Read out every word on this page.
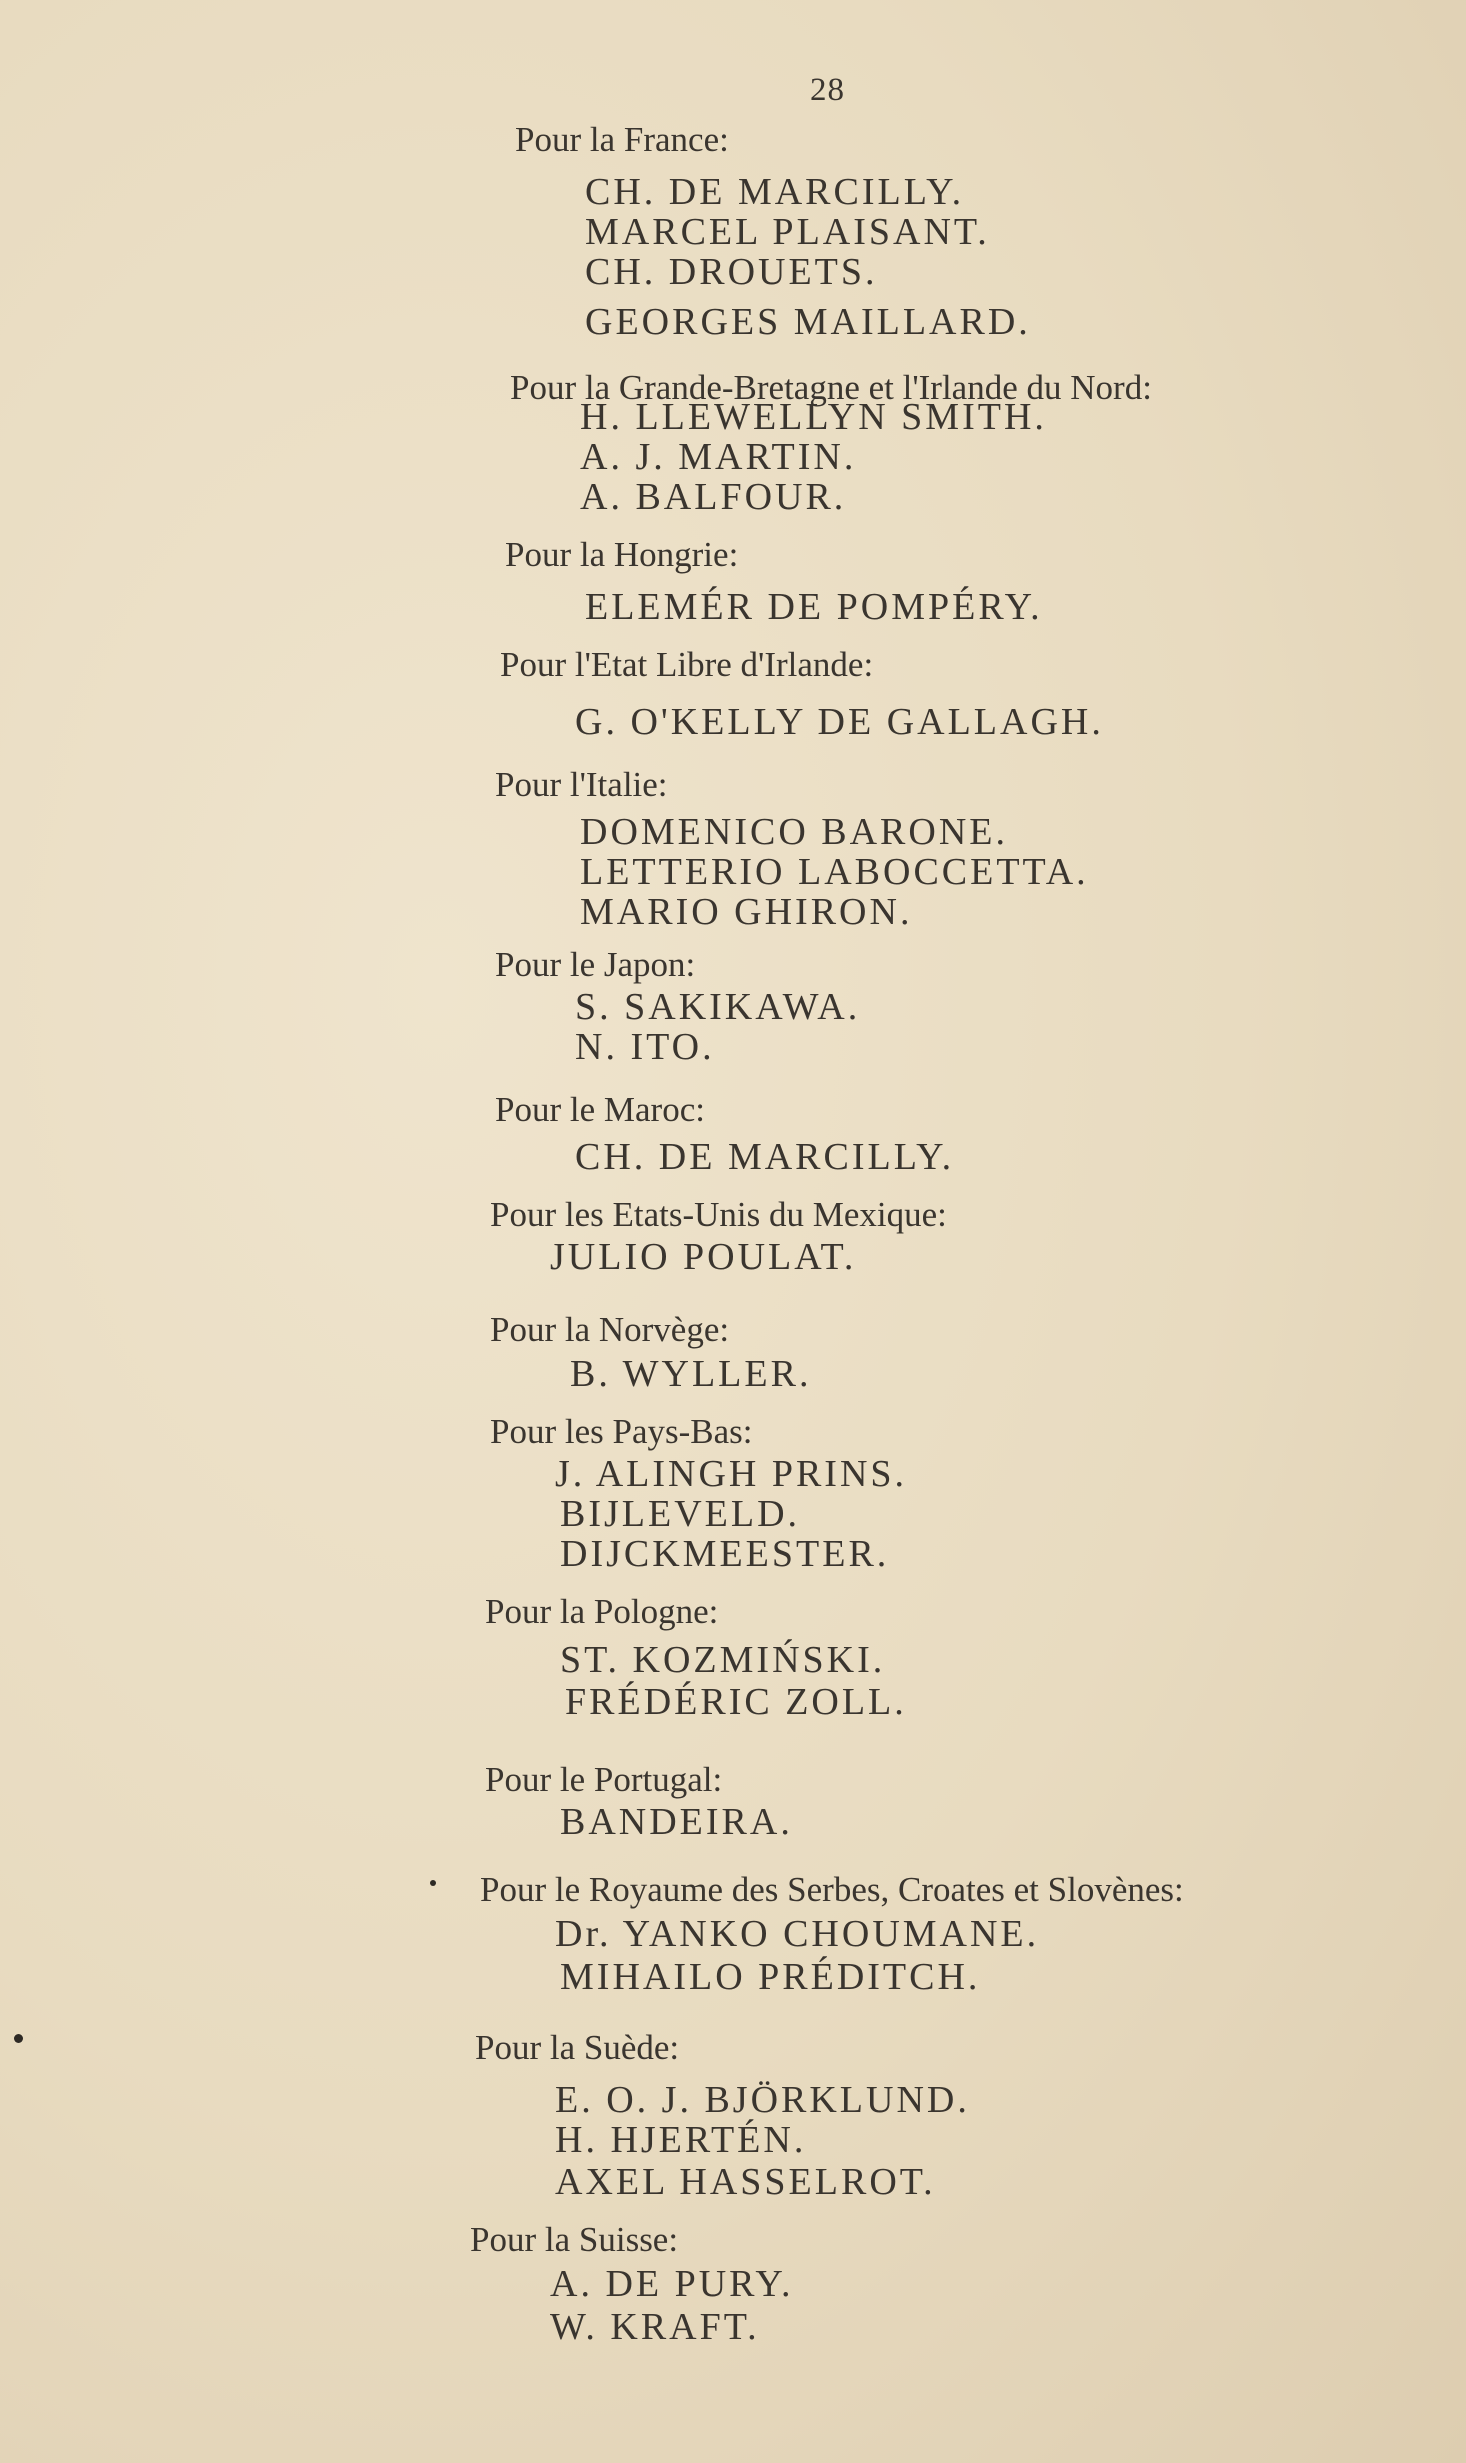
28
Pour la France:
CH. DE MARCILLY.
MARCEL PLAISANT.
CH. DROUETS.
GEORGES MAILLARD.
Pour la Grande-Bretagne et l'Irlande du Nord:
H. LLEWELLYN SMITH.
A. J. MARTIN.
A. BALFOUR.
Pour la Hongrie:
ELEMÉR DE POMPÉRY.
Pour l'Etat Libre d'Irlande:
G. O'KELLY DE GALLAGH.
Pour l'Italie:
DOMENICO BARONE.
LETTERIO LABOCCETTA.
MARIO GHIRON.
Pour le Japon:
S. SAKIKAWA.
N. ITO.
Pour le Maroc:
CH. DE MARCILLY.
Pour les Etats-Unis du Mexique:
JULIO POULAT.
Pour la Norvège:
B. WYLLER.
Pour les Pays-Bas:
J. ALINGH PRINS.
BIJLEVELD.
DIJCKMEESTER.
Pour la Pologne:
ST. KOZMIŃSKI.
FRÉDÉRIC ZOLL.
Pour le Portugal:
BANDEIRA.
Pour le Royaume des Serbes, Croates et Slovènes:
Dr. YANKO CHOUMANE.
MIHAILO PRÉDITCH.
Pour la Suède:
E. O. J. BJÖRKLUND.
H. HJERTÉN.
AXEL HASSELROT.
Pour la Suisse:
A. DE PURY.
W. KRAFT.
